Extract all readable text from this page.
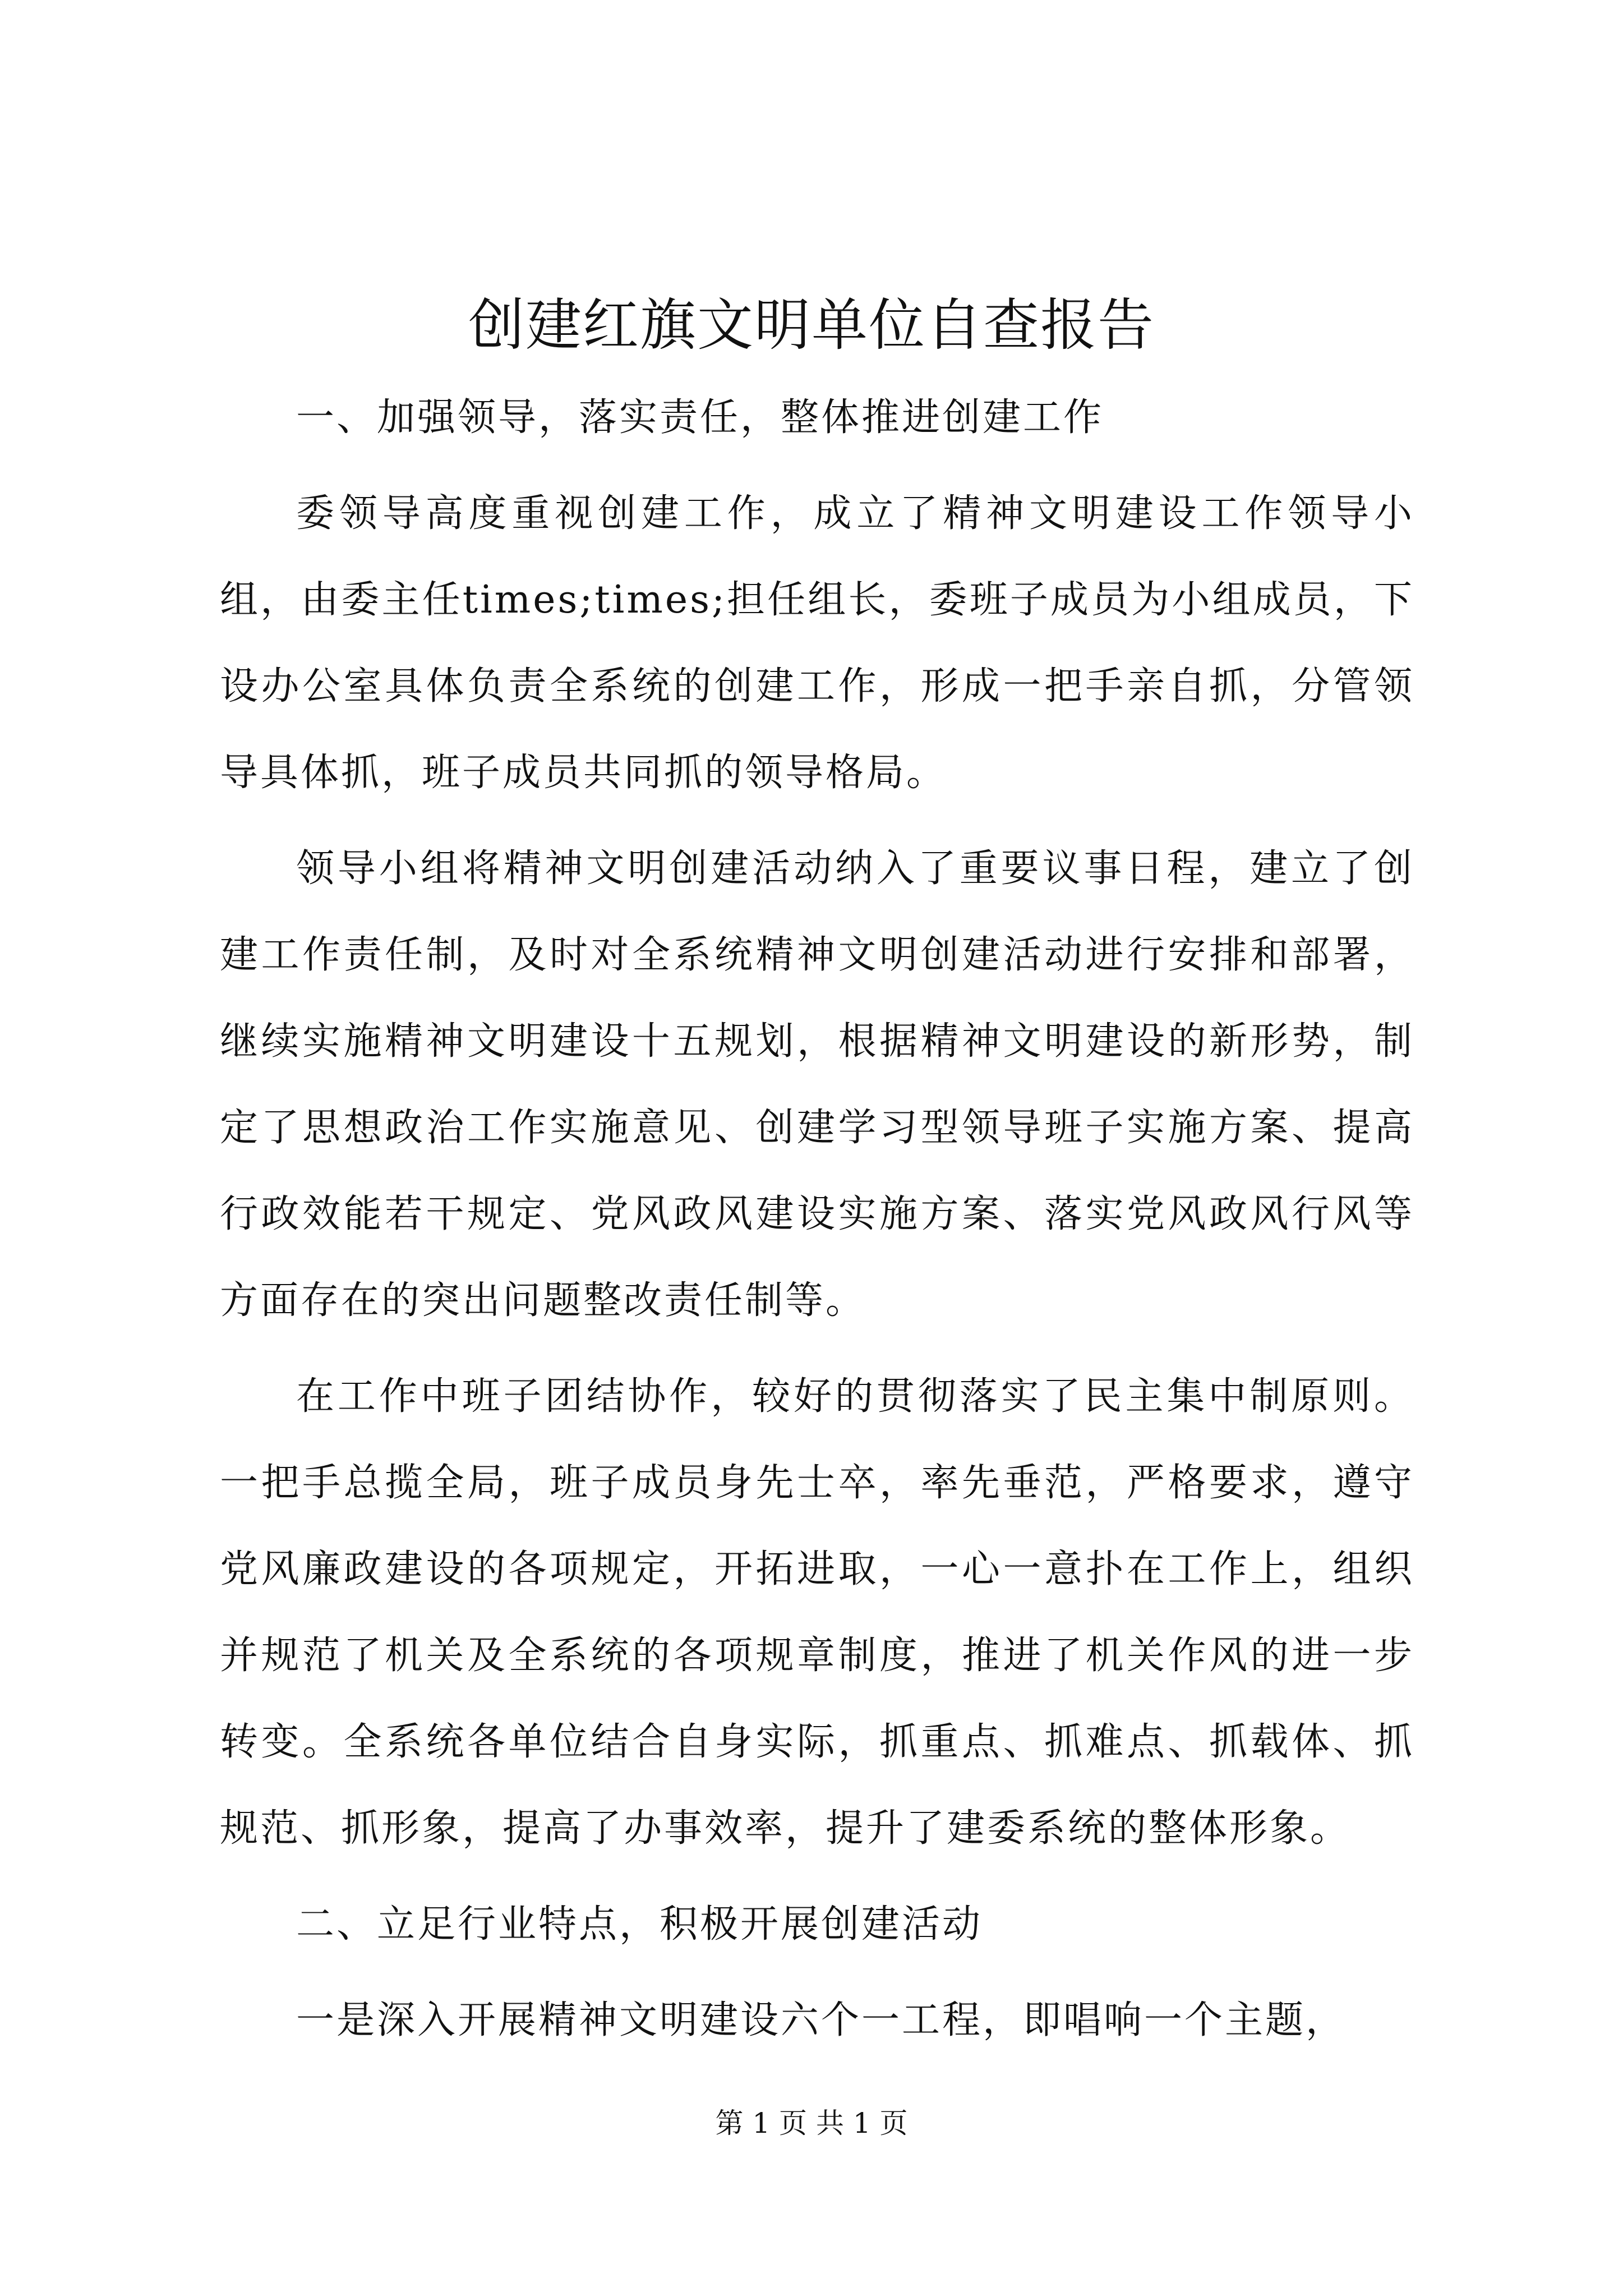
创建红旗文明单位自查报告

一、加强领导，落实责任，整体推进创建工作

委领导高度重视创建工作，成立了精神文明建设工作领导小组，由委主任times;times;担任组长，委班子成员为小组成员，下设办公室具体负责全系统的创建工作，形成一把手亲自抓，分管领导具体抓，班子成员共同抓的领导格局。

领导小组将精神文明创建活动纳入了重要议事日程，建立了创建工作责任制，及时对全系统精神文明创建活动进行安排和部署，继续实施精神文明建设十五规划，根据精神文明建设的新形势，制定了思想政治工作实施意见、创建学习型领导班子实施方案、提高行政效能若干规定、党风政风建设实施方案、落实党风政风行风等方面存在的突出问题整改责任制等。

在工作中班子团结协作，较好的贯彻落实了民主集中制原则。一把手总揽全局，班子成员身先士卒，率先垂范，严格要求，遵守党风廉政建设的各项规定，开拓进取，一心一意扑在工作上，组织并规范了机关及全系统的各项规章制度，推进了机关作风的进一步转变。全系统各单位结合自身实际，抓重点、抓难点、抓载体、抓规范、抓形象，提高了办事效率，提升了建委系统的整体形象。

二、立足行业特点，积极开展创建活动

一是深入开展精神文明建设六个一工程，即唱响一个主题，

第 1 页 共 1 页
